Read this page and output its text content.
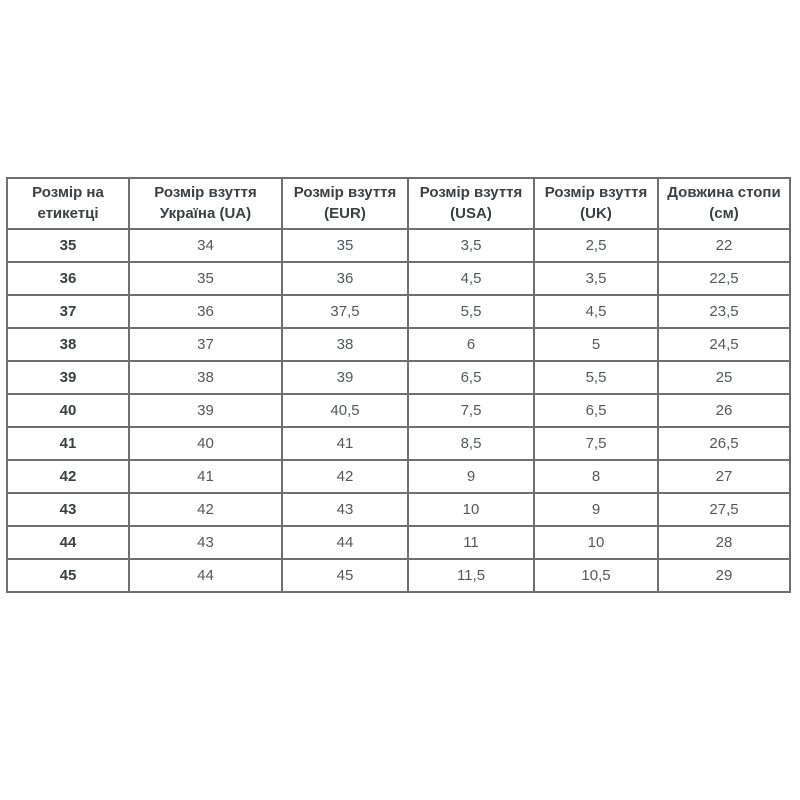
Розмір на етикетці	Розмір взуття Україна (UA)	Розмір взуття (EUR)	Розмір взуття (USA)	Розмір взуття (UK)	Довжина стопи (см)
35	34	35	3,5	2,5	22
36	35	36	4,5	3,5	22,5
37	36	37,5	5,5	4,5	23,5
38	37	38	6	5	24,5
39	38	39	6,5	5,5	25
40	39	40,5	7,5	6,5	26
41	40	41	8,5	7,5	26,5
42	41	42	9	8	27
43	42	43	10	9	27,5
44	43	44	11	10	28
45	44	45	11,5	10,5	29
